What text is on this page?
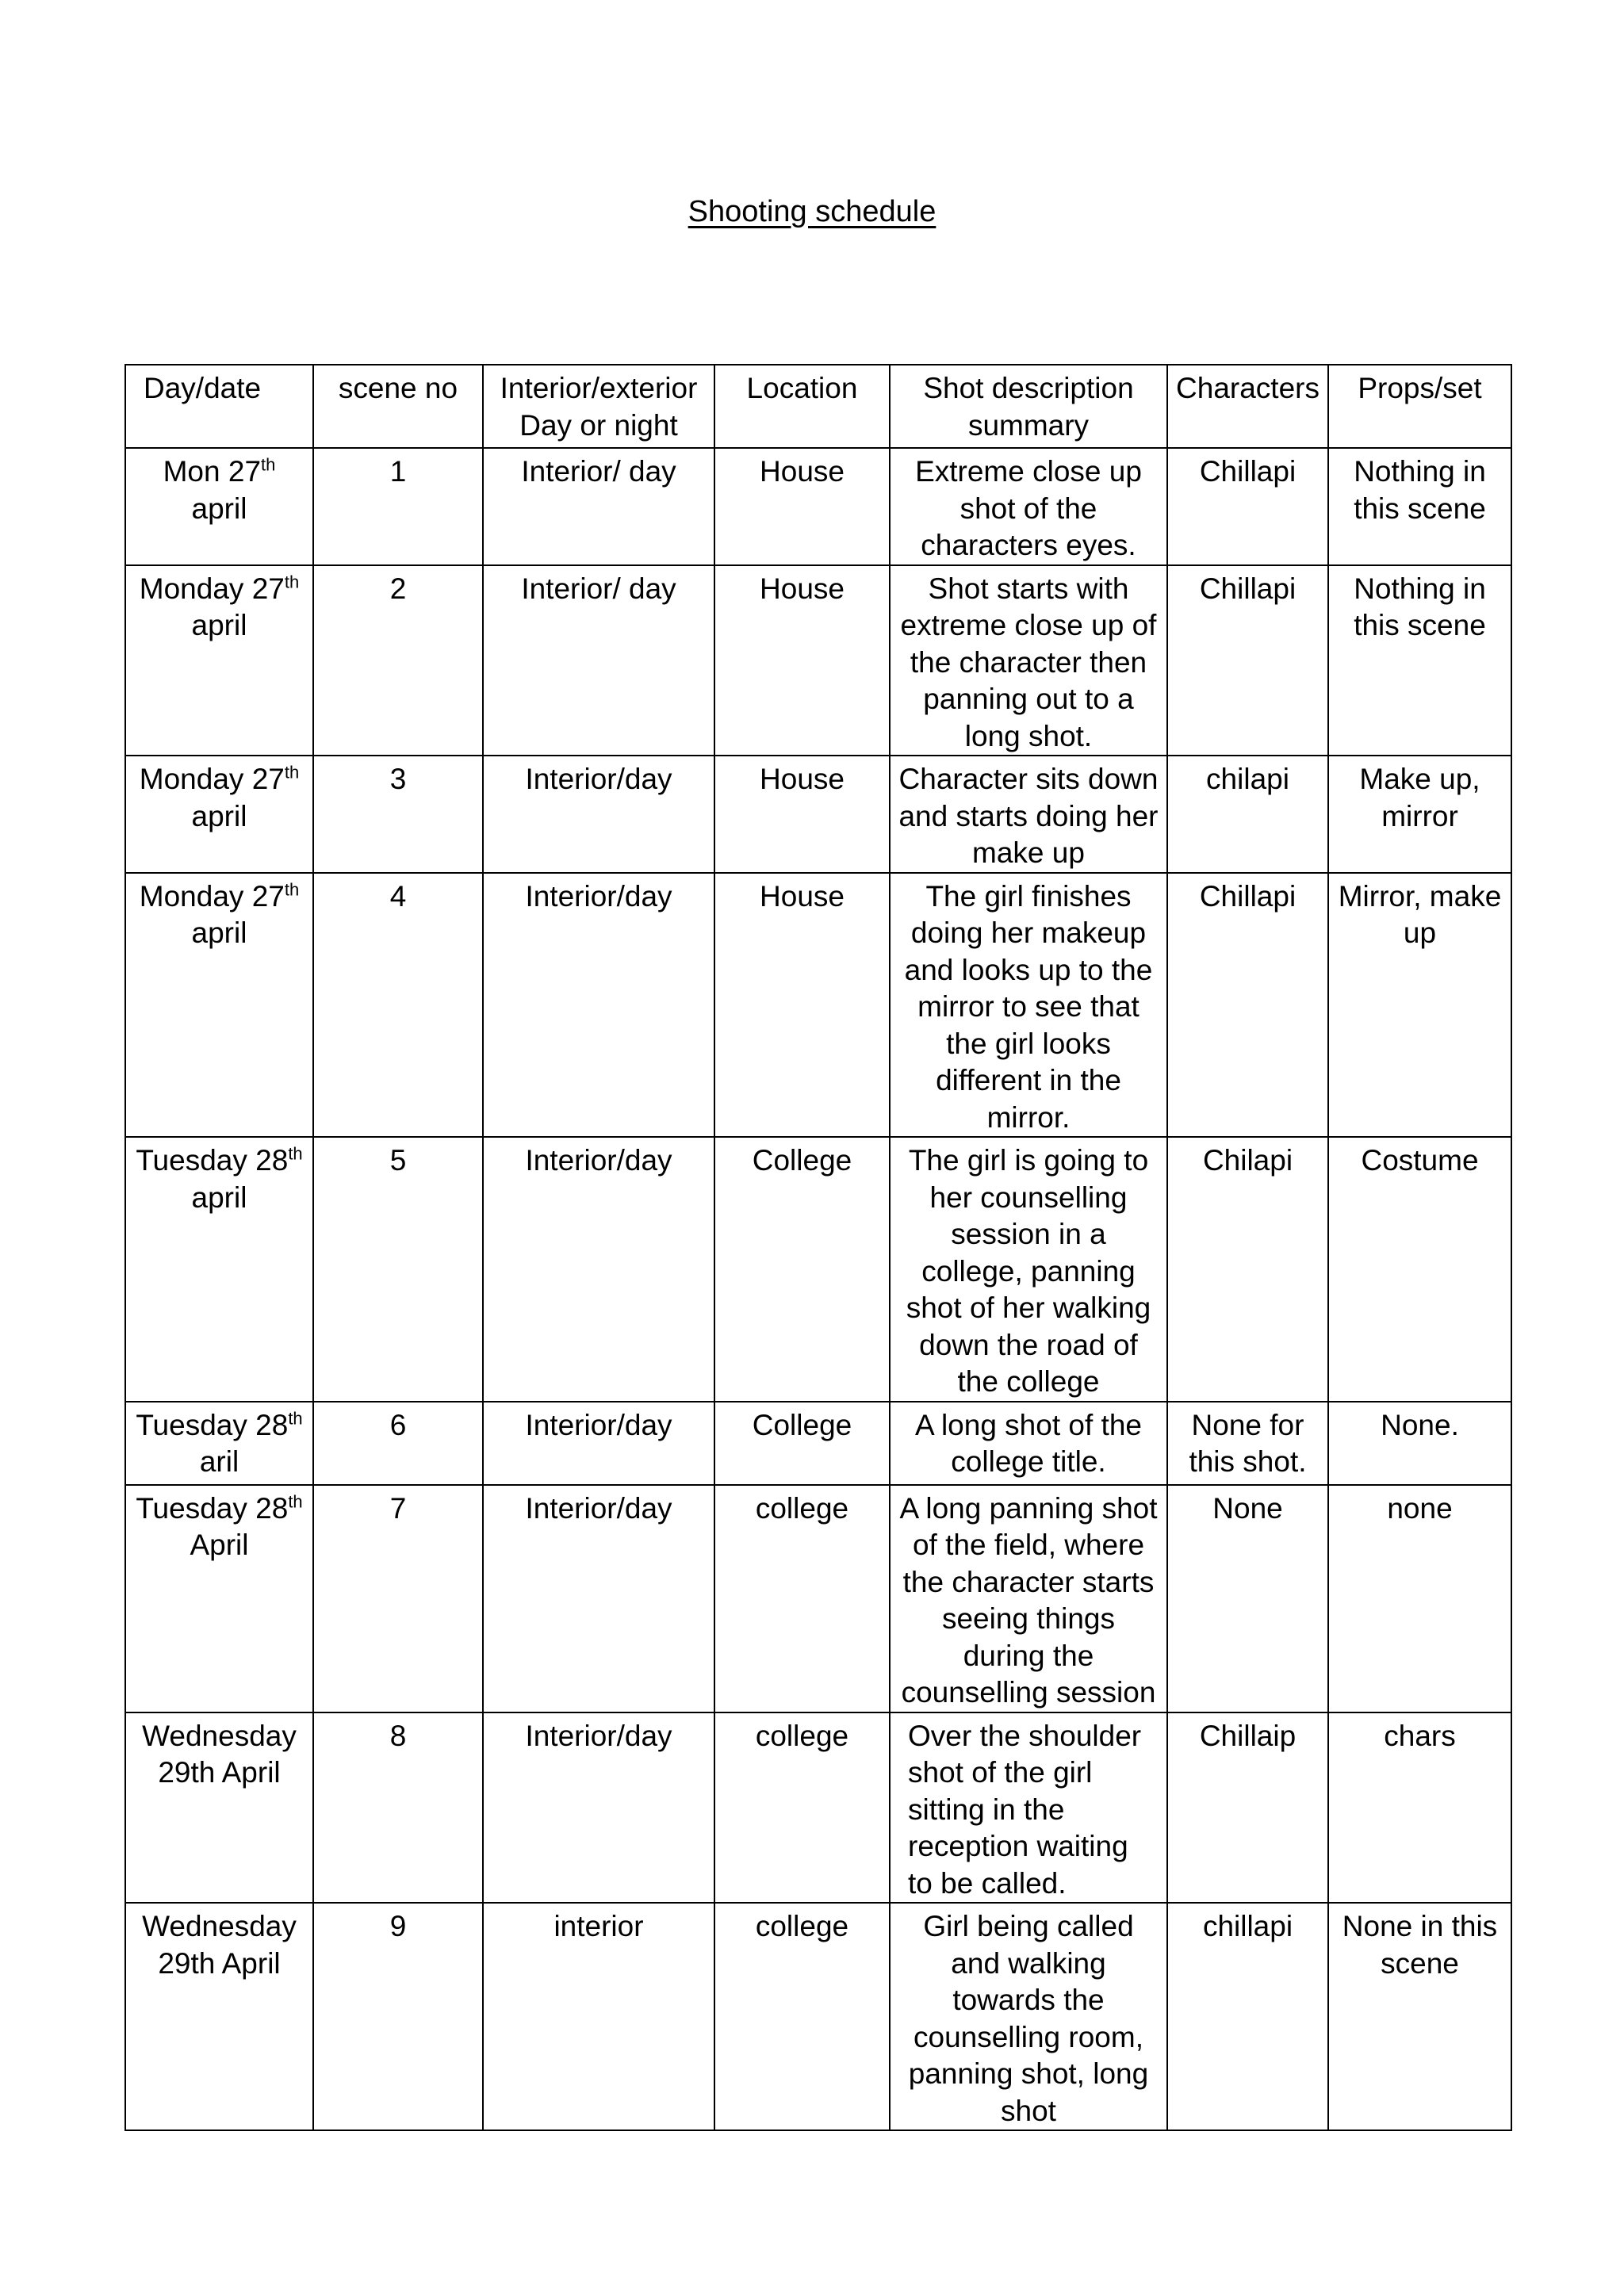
Shooting schedule
Day/date	scene no	Interior/exterior Day or night	Location	Shot description summary	Characters	Props/set
Mon 27th
april	1	Interior/ day	House	Extreme close up shot of the characters eyes.	Chillapi	Nothing in this scene
Monday 27th
april	2	Interior/ day	House	Shot starts with extreme close up of the character then panning out to a long shot.	Chillapi	Nothing in this scene
Monday 27th
april	3	Interior/day	House	Character sits down and starts doing her make up	chilapi	Make up, mirror
Monday 27th
april	4	Interior/day	House	The girl finishes doing her makeup and looks up to the mirror to see that the girl looks different in the mirror.	Chillapi	Mirror, make up
Tuesday 28th
april	5	Interior/day	College	The girl is going to her counselling session in a college, panning shot of her walking down the road of the college	Chilapi	Costume
Tuesday 28th
aril	6	Interior/day	College	A long shot of the college title.	None for this shot.	None.
Tuesday 28th
April	7	Interior/day	college	A long panning shot of the field, where the character starts seeing things during the counselling session	None	none
Wednesday 29th April	8	Interior/day	college	Over the shoulder shot of the girl sitting in the reception waiting to be called.	Chillaip	chars
Wednesday 29th April	9	interior	college	Girl being called and walking towards the counselling room, panning shot, long shot	chillapi	None in this scene
